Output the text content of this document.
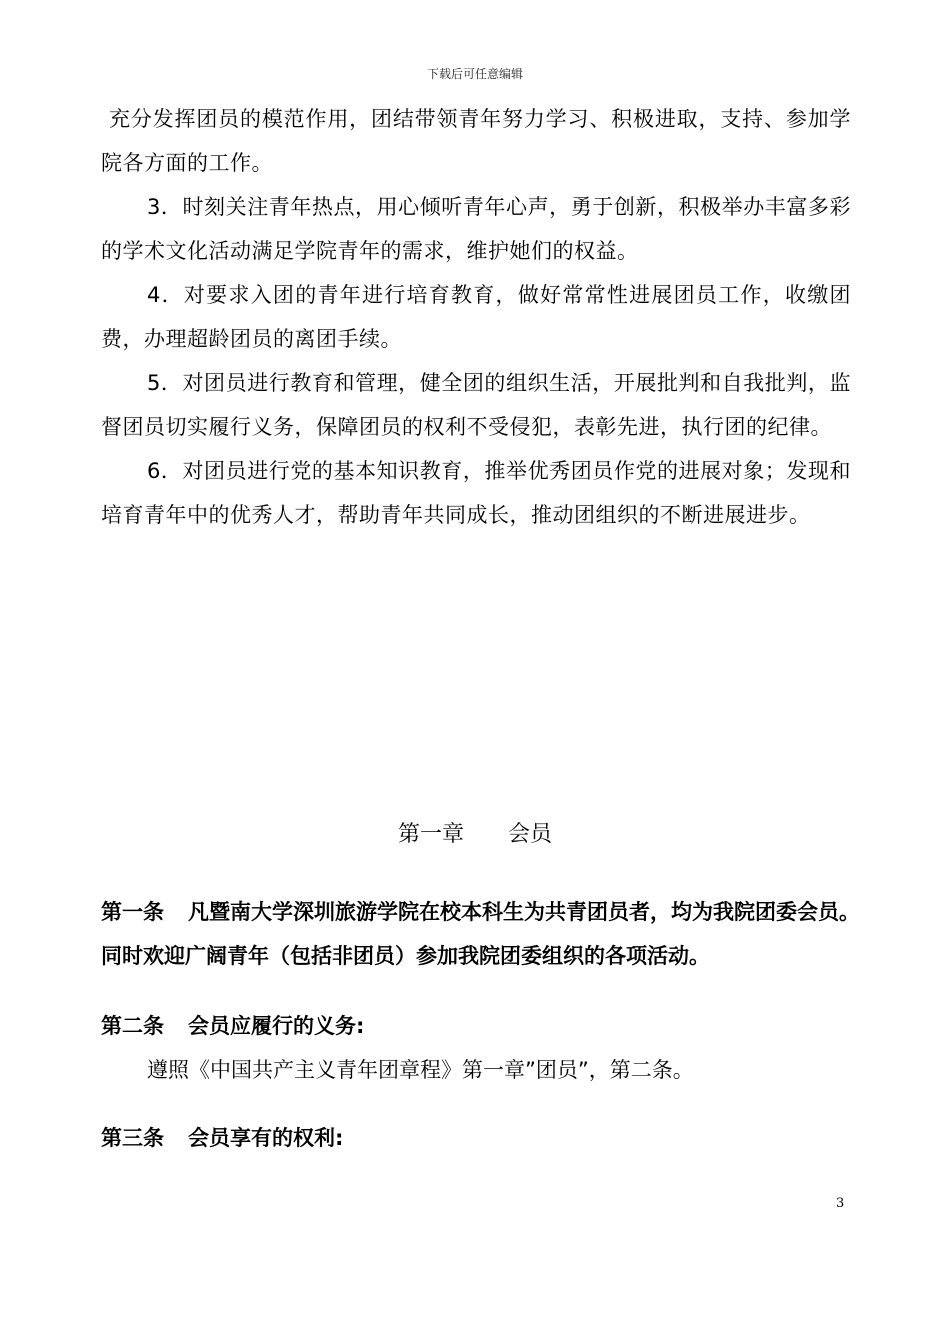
下载后可任意编辑

充分发挥团员的模范作用，团结带领青年努力学习、积极进取，支持、参加学院各方面的工作。

3．时刻关注青年热点，用心倾听青年心声，勇于创新，积极举办丰富多彩的学术文化活动满足学院青年的需求，维护她们的权益。

4．对要求入团的青年进行培育教育，做好常常性进展团员工作，收缴团费，办理超龄团员的离团手续。

5．对团员进行教育和管理，健全团的组织生活，开展批判和自我批判，监督团员切实履行义务，保障团员的权利不受侵犯，表彰先进，执行团的纪律。

6．对团员进行党的基本知识教育，推举优秀团员作党的进展对象；发现和培育青年中的优秀人才，帮助青年共同成长，推动团组织的不断进展进步。

第一章 会员

第一条 凡暨南大学深圳旅游学院在校本科生为共青团员者，均为我院团委会员。同时欢迎广阔青年（包括非团员）参加我院团委组织的各项活动。

第二条 会员应履行的义务:

遵照《中国共产主义青年团章程》第一章”团员”，第二条。

第三条 会员享有的权利:

3
